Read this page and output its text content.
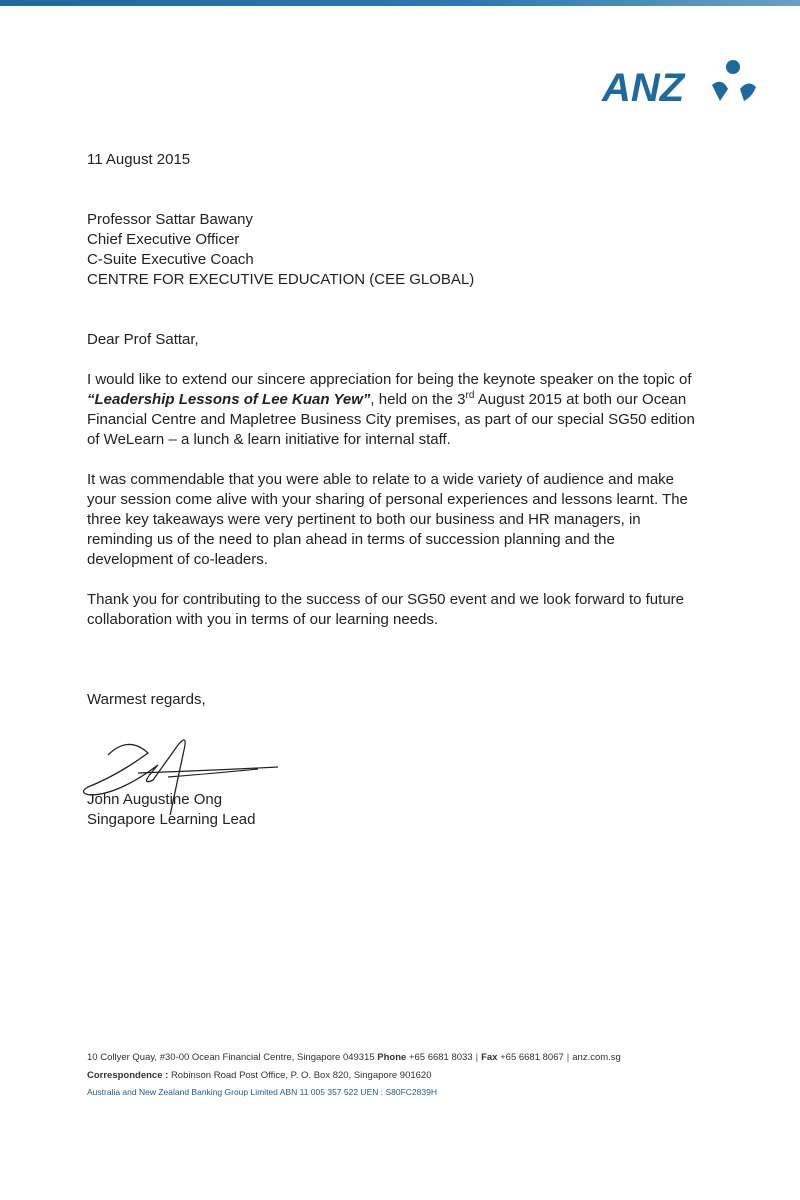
ANZ
11 August 2015
Professor Sattar Bawany
Chief Executive Officer
C-Suite Executive Coach
CENTRE FOR EXECUTIVE EDUCATION (CEE GLOBAL)
Dear Prof Sattar,
I would like to extend our sincere appreciation for being the keynote speaker on the topic of
“Leadership Lessons of Lee Kuan Yew”, held on the 3rd August 2015 at both our Ocean
Financial Centre and Mapletree Business City premises, as part of our special SG50 edition
of WeLearn – a lunch & learn initiative for internal staff.
It was commendable that you were able to relate to a wide variety of audience and make
your session come alive with your sharing of personal experiences and lessons learnt. The
three key takeaways were very pertinent to both our business and HR managers, in
reminding us of the need to plan ahead in terms of succession planning and the
development of co-leaders.
Thank you for contributing to the success of our SG50 event and we look forward to future
collaboration with you in terms of our learning needs.
Warmest regards,
John Augustine Ong
Singapore Learning Lead
10 Collyer Quay, #30-00 Ocean Financial Centre, Singapore 049315 Phone +65 6681 8033 | Fax +65 6681 8067 | anz.com.sg
Correspondence : Robinson Road Post Office, P. O. Box 820, Singapore 901620
Australia and New Zealand Banking Group Limited ABN 11 005 357 522 UEN : S80FC2839H
